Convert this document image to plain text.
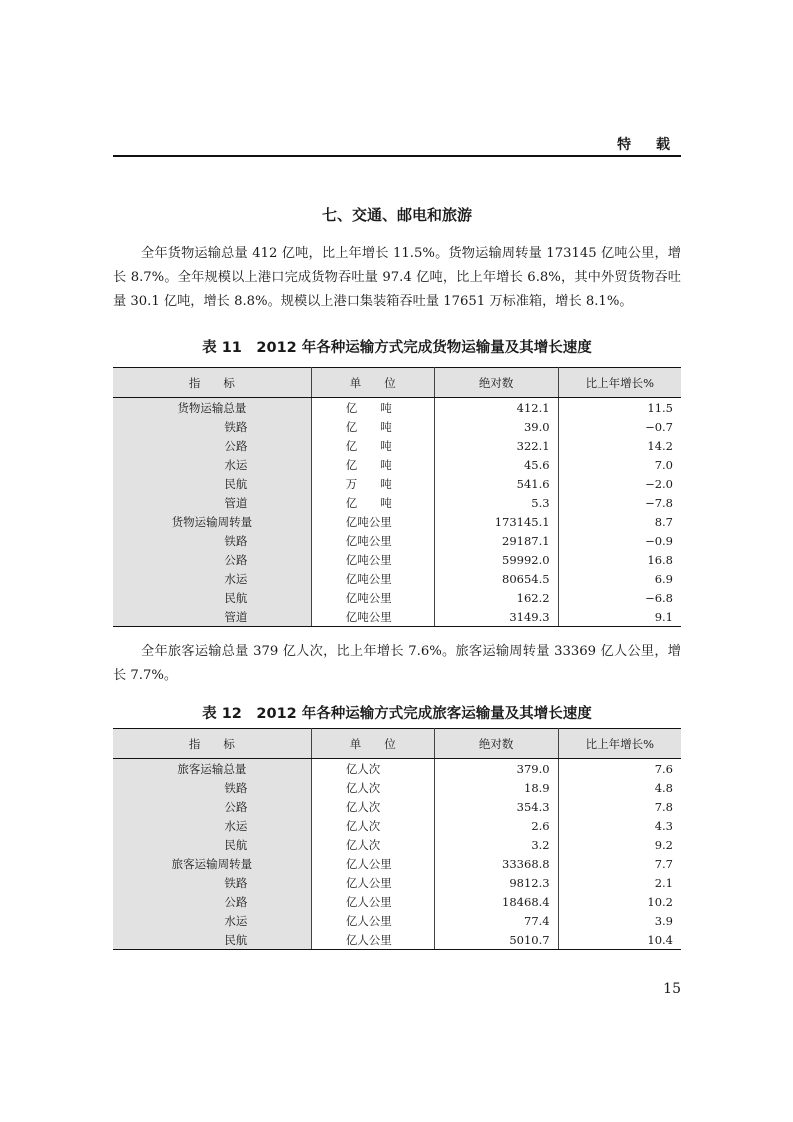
特 载
七、交通、邮电和旅游
全年货物运输总量 412 亿吨，比上年增长 11.5%。货物运输周转量 173145 亿吨公里，增长 8.7%。全年规模以上港口完成货物吞吐量 97.4 亿吨，比上年增长 6.8%，其中外贸货物吞吐量 30.1 亿吨，增长 8.8%。规模以上港口集装箱吞吐量 17651 万标准箱，增长 8.1%。
表 11　2012 年各种运输方式完成货物运输量及其增长速度
指　　标	单　　位	绝对数	比上年增长%
货物运输总量	亿　　吨	412.1	11.5
铁路	亿　　吨	39.0	−0.7
公路	亿　　吨	322.1	14.2
水运	亿　　吨	45.6	7.0
民航	万　　吨	541.6	−2.0
管道	亿　　吨	5.3	−7.8
货物运输周转量	亿吨公里	173145.1	8.7
铁路	亿吨公里	29187.1	−0.9
公路	亿吨公里	59992.0	16.8
水运	亿吨公里	80654.5	6.9
民航	亿吨公里	162.2	−6.8
管道	亿吨公里	3149.3	9.1
全年旅客运输总量 379 亿人次，比上年增长 7.6%。旅客运输周转量 33369 亿人公里，增长 7.7%。
表 12　2012 年各种运输方式完成旅客运输量及其增长速度
指　　标	单　　位	绝对数	比上年增长%
旅客运输总量	亿人次	379.0	7.6
铁路	亿人次	18.9	4.8
公路	亿人次	354.3	7.8
水运	亿人次	2.6	4.3
民航	亿人次	3.2	9.2
旅客运输周转量	亿人公里	33368.8	7.7
铁路	亿人公里	9812.3	2.1
公路	亿人公里	18468.4	10.2
水运	亿人公里	77.4	3.9
民航	亿人公里	5010.7	10.4
15
